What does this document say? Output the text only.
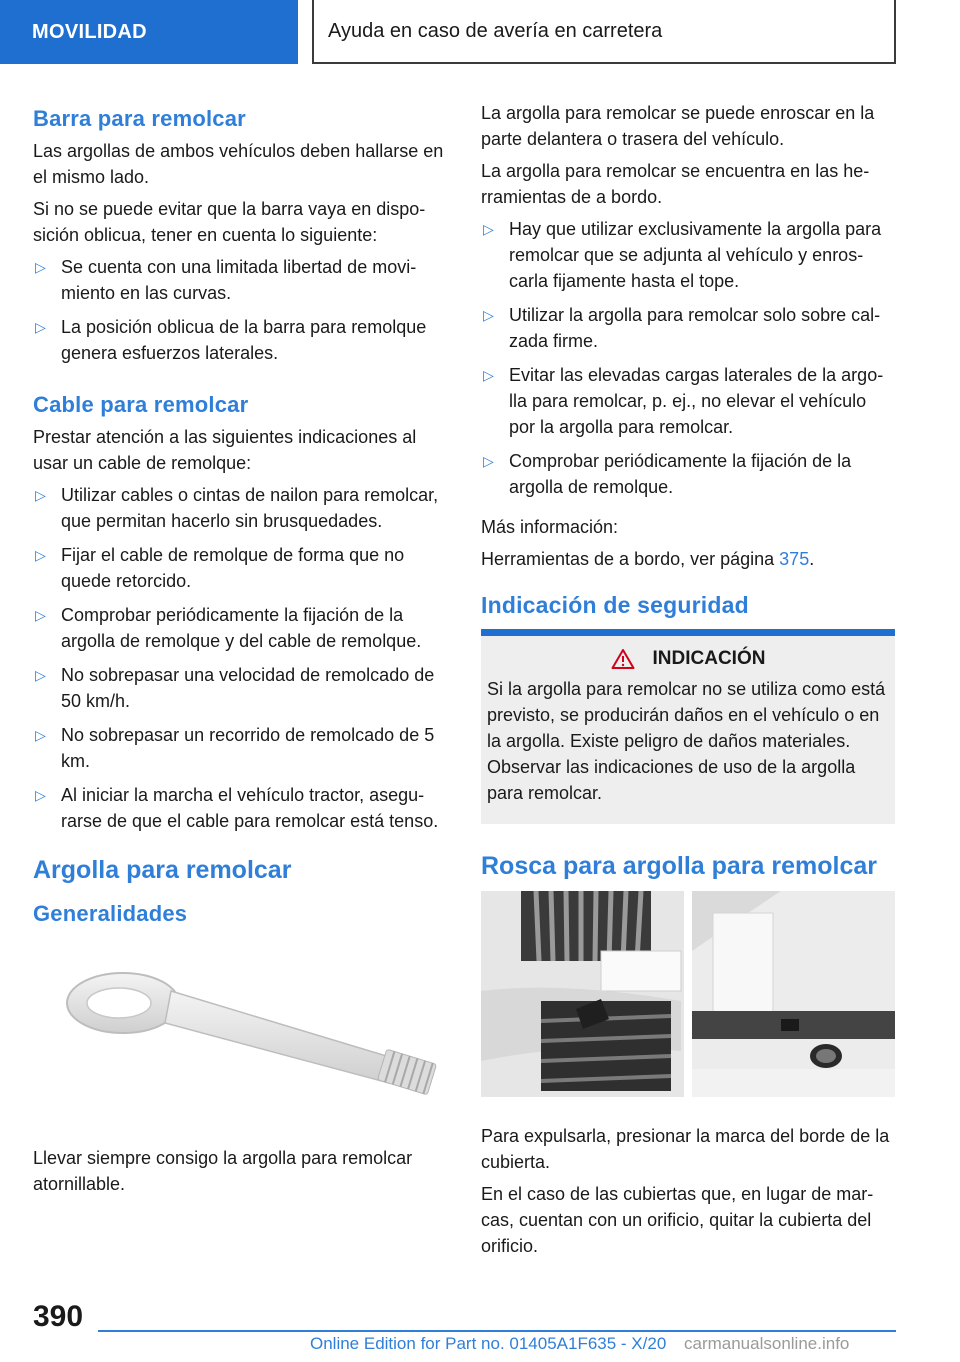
MOVILIDAD	Ayuda en caso de avería en carretera
Barra para remolcar
Las argollas de ambos vehículos deben hallarse en el mismo lado.
Si no se puede evitar que la barra vaya en disposición oblicua, tener en cuenta lo siguiente:
▷ Se cuenta con una limitada libertad de movimiento en las curvas.
▷ La posición oblicua de la barra para remolque genera esfuerzos laterales.
Cable para remolcar
Prestar atención a las siguientes indicaciones al usar un cable de remolque:
▷ Utilizar cables o cintas de nailon para remolcar, que permitan hacerlo sin brusquedades.
▷ Fijar el cable de remolque de forma que no quede retorcido.
▷ Comprobar periódicamente la fijación de la argolla de remolque y del cable de remolque.
▷ No sobrepasar una velocidad de remolcado de 50 km/h.
▷ No sobrepasar un recorrido de remolcado de 5 km.
▷ Al iniciar la marcha el vehículo tractor, asegurarse de que el cable para remolcar está tenso.
Argolla para remolcar
Generalidades
Llevar siempre consigo la argolla para remolcar atornillable.
La argolla para remolcar se puede enroscar en la parte delantera o trasera del vehículo.
La argolla para remolcar se encuentra en las herramientas de a bordo.
▷ Hay que utilizar exclusivamente la argolla para remolcar que se adjunta al vehículo y enroscarla fijamente hasta el tope.
▷ Utilizar la argolla para remolcar solo sobre calzada firme.
▷ Evitar las elevadas cargas laterales de la argolla para remolcar, p. ej., no elevar el vehículo por la argolla para remolcar.
▷ Comprobar periódicamente la fijación de la argolla de remolque.
Más información:
Herramientas de a bordo, ver página 375.
Indicación de seguridad
INDICACIÓN
Si la argolla para remolcar no se utiliza como está previsto, se producirán daños en el vehículo o en la argolla. Existe peligro de daños materiales. Observar las indicaciones de uso de la argolla para remolcar.
Rosca para argolla para remolcar
Para expulsarla, presionar la marca del borde de la cubierta.
En el caso de las cubiertas que, en lugar de marcas, cuentan con un orificio, quitar la cubierta del orificio.
390
Online Edition for Part no. 01405A1F635 - X/20 carmanualsonline.info
